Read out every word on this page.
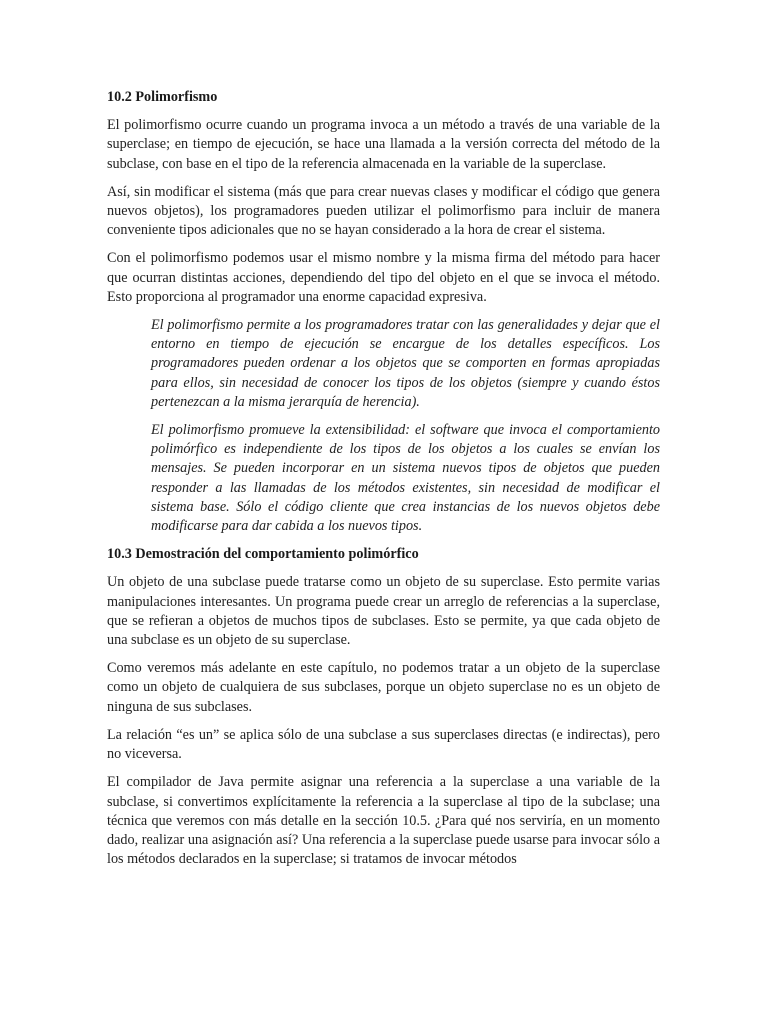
10.2 Polimorfismo

El polimorfismo ocurre cuando un programa invoca a un método a través de una variable de la superclase; en tiempo de ejecución, se hace una llamada a la versión correcta del método de la subclase, con base en el tipo de la referencia almacenada en la variable de la superclase.

Así, sin modificar el sistema (más que para crear nuevas clases y modificar el código que genera nuevos objetos), los programadores pueden utilizar el polimorfismo para incluir de manera conveniente tipos adicionales que no se hayan considerado a la hora de crear el sistema.

Con el polimorfismo podemos usar el mismo nombre y la misma firma del método para hacer que ocurran distintas acciones, dependiendo del tipo del objeto en el que se invoca el método. Esto proporciona al programador una enorme capacidad expresiva.

El polimorfismo permite a los programadores tratar con las generalidades y dejar que el entorno en tiempo de ejecución se encargue de los detalles específicos. Los programadores pueden ordenar a los objetos que se comporten en formas apropiadas para ellos, sin necesidad de conocer los tipos de los objetos (siempre y cuando éstos pertenezcan a la misma jerarquía de herencia).
El polimorfismo promueve la extensibilidad: el software que invoca el comportamiento polimórfico es independiente de los tipos de los objetos a los cuales se envían los mensajes. Se pueden incorporar en un sistema nuevos tipos de objetos que pueden responder a las llamadas de los métodos existentes, sin necesidad de modificar el sistema base. Sólo el código cliente que crea instancias de los nuevos objetos debe modificarse para dar cabida a los nuevos tipos.
10.3 Demostración del comportamiento polimórfico

Un objeto de una subclase puede tratarse como un objeto de su superclase. Esto permite varias manipulaciones interesantes. Un programa puede crear un arreglo de referencias a la superclase, que se refieran a objetos de muchos tipos de subclases. Esto se permite, ya que cada objeto de una subclase es un objeto de su superclase.

Como veremos más adelante en este capítulo, no podemos tratar a un objeto de la superclase como un objeto de cualquiera de sus subclases, porque un objeto superclase no es un objeto de ninguna de sus subclases.

La relación “es un” se aplica sólo de una subclase a sus superclases directas (e indirectas), pero no viceversa.

El compilador de Java permite asignar una referencia a la superclase a una variable de la subclase, si convertimos explícitamente la referencia a la superclase al tipo de la subclase; una técnica que veremos con más detalle en la sección 10.5. ¿Para qué nos serviría, en un momento dado, realizar una asignación así? Una referencia a la superclase puede usarse para invocar sólo a los métodos declarados en la superclase; si tratamos de invocar métodos
